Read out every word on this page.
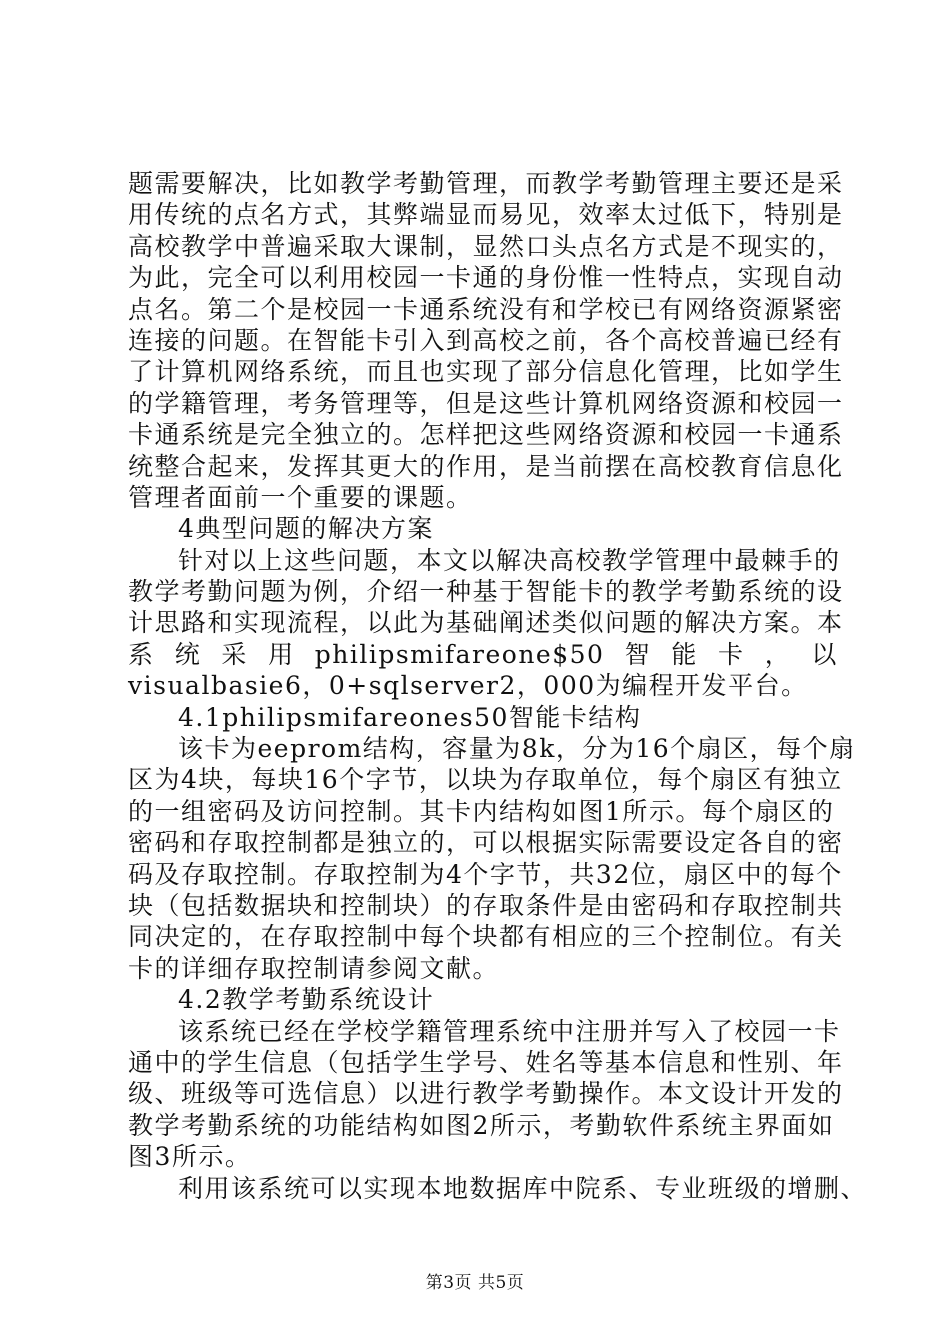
题需要解决，比如教学考勤管理，而教学考勤管理主要还是采
用传统的点名方式，其弊端显而易见，效率太过低下，特别是
高校教学中普遍采取大课制，显然口头点名方式是不现实的，
为此，完全可以利用校园一卡通的身份惟一性特点，实现自动
点名。第二个是校园一卡通系统没有和学校已有网络资源紧密
连接的问题。在智能卡引入到高校之前，各个高校普遍已经有
了计算机网络系统，而且也实现了部分信息化管理，比如学生
的学籍管理，考务管理等，但是这些计算机网络资源和校园一
卡通系统是完全独立的。怎样把这些网络资源和校园一卡通系
统整合起来，发挥其更大的作用，是当前摆在高校教育信息化
管理者面前一个重要的课题。
4典型问题的解决方案
针对以上这些问题，本文以解决高校教学管理中最棘手的
教学考勤问题为例，介绍一种基于智能卡的教学考勤系统的设
计思路和实现流程，以此为基础阐述类似问题的解决方案。本
系 统 采 用 philipsmifareone$50 智 能 卡 ， 以
visualbasie6，0+sqlserver2，000为编程开发平台。
4.1philipsmifareones50智能卡结构
该卡为eeprom结构，容量为8k，分为16个扇区，每个扇
区为4块，每块16个字节，以块为存取单位，每个扇区有独立
的一组密码及访问控制。其卡内结构如图1所示。每个扇区的
密码和存取控制都是独立的，可以根据实际需要设定各自的密
码及存取控制。存取控制为4个字节，共32位，扇区中的每个
块（包括数据块和控制块）的存取条件是由密码和存取控制共
同决定的，在存取控制中每个块都有相应的三个控制位。有关
卡的详细存取控制请参阅文献。
4.2教学考勤系统设计
该系统已经在学校学籍管理系统中注册并写入了校园一卡
通中的学生信息（包括学生学号、姓名等基本信息和性别、年
级、班级等可选信息）以进行教学考勤操作。本文设计开发的
教学考勤系统的功能结构如图2所示，考勤软件系统主界面如
图3所示。
利用该系统可以实现本地数据库中院系、专业班级的增删、
第3页 共5页
